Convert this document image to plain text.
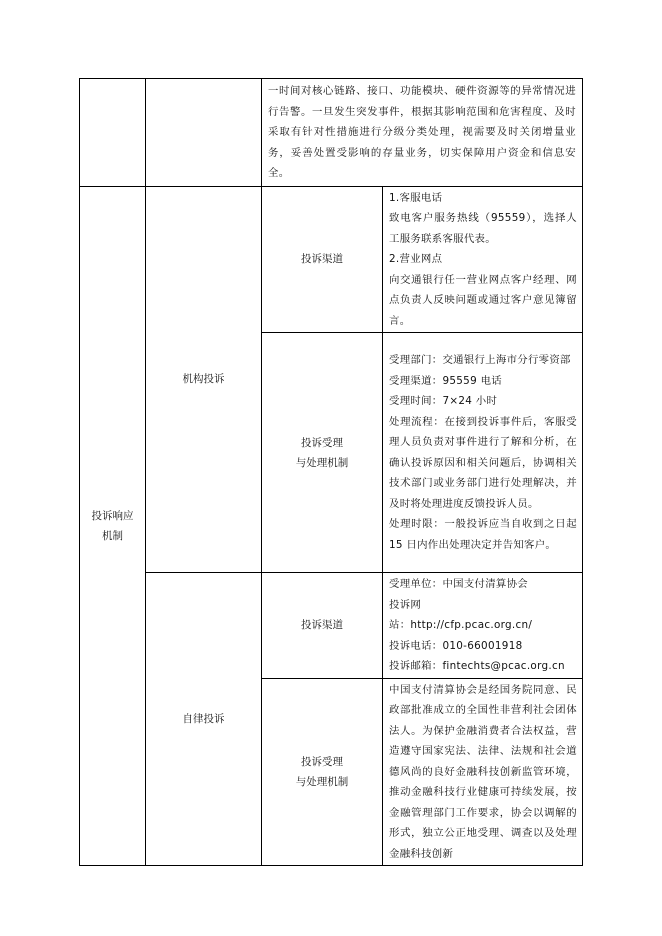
		一时间对核心链路、接口、功能模块、硬件资源等的异常情况进行告警。一旦发生突发事件，根据其影响范围和危害程度、及时采取有针对性措施进行分级分类处理，视需要及时关闭增量业务，妥善处置受影响的存量业务，切实保障用户资金和信息安全。	

投诉响应
机制	机构投诉	投诉渠道	1.客服电话
致电客户服务热线（95559），选择人工服务联系客服代表。
2.营业网点
向交通银行任一营业网点客户经理、网点负责人反映问题或通过客户意见簿留言。

		投诉受理
与处理机制	受理部门：交通银行上海市分行零资部
受理渠道：95559 电话
受理时间：7×24 小时
处理流程：在接到投诉事件后，客服受理人员负责对事件进行了解和分析，在确认投诉原因和相关问题后，协调相关技术部门或业务部门进行处理解决，并及时将处理进度反馈投诉人员。
处理时限：一般投诉应当自收到之日起 15 日内作出处理决定并告知客户。

	自律投诉	投诉渠道	受理单位：中国支付清算协会
投诉网
站：http://cfp.pcac.org.cn/
投诉电话：010-66001918
投诉邮箱：fintechts@pcac.org.cn

		投诉受理
与处理机制	中国支付清算协会是经国务院同意、民政部批准成立的全国性非营利社会团体法人。为保护金融消费者合法权益，营造遵守国家宪法、法律、法规和社会道德风尚的良好金融科技创新监管环境，推动金融科技行业健康可持续发展，按金融管理部门工作要求，协会以调解的形式，独立公正地受理、调查以及处理金融科技创新
